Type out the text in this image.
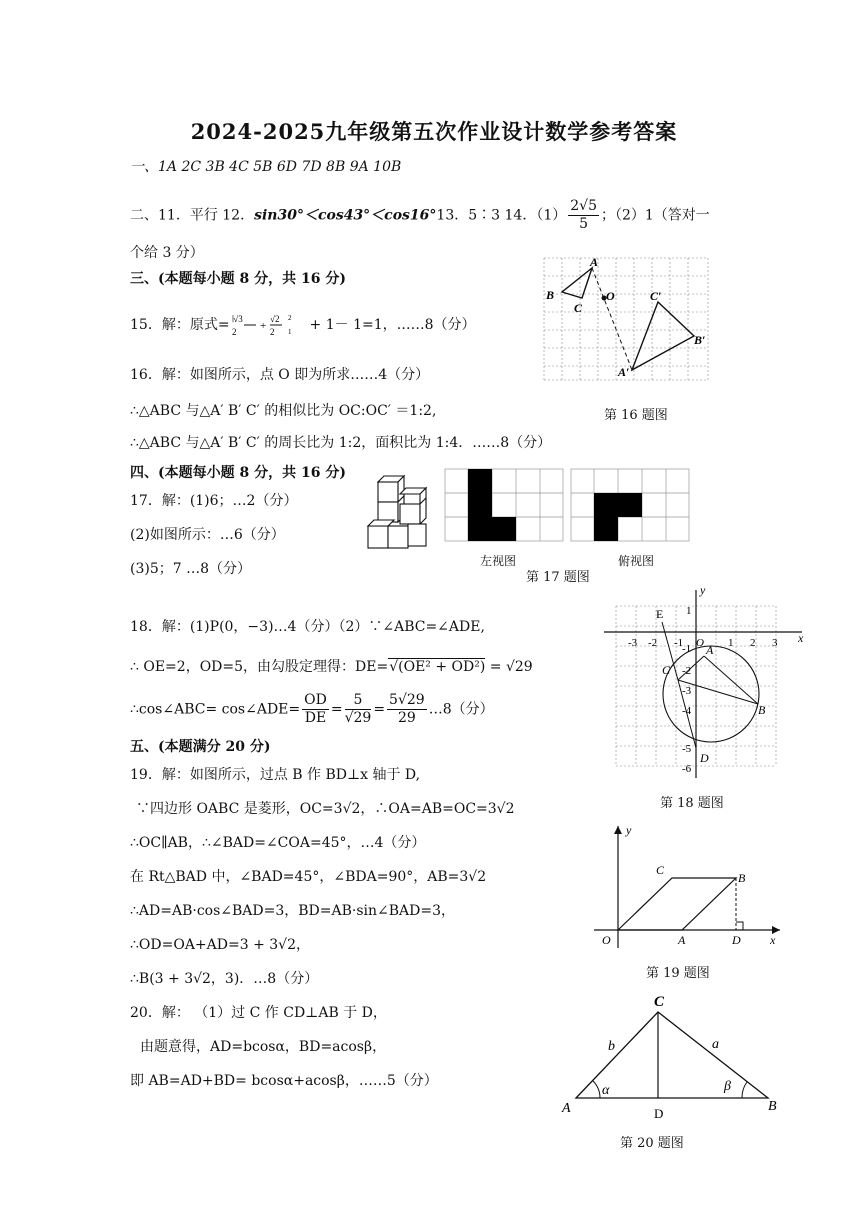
2024-2025九年级第五次作业设计数学参考答案
一、1A 2C 3B 4C 5B 6D 7D 8B 9A 10B
二、11．平行 12．sin30°＜cos43°＜cos16°13．5∶3 14．$(1) \frac{2√5}{5}$ ；（2）1（答对一
个给 3 分）
三、(本题每小题 8 分，共 16 分)
15．解：原式= 𝄁√3
2 +
√2
2
2
1 + 1－ 1=1，……8（分）
16．解：如图所示，点 O 即为所求……4（分）
∴△ABC 与△A′ B′ C′ 的相似比为 OC:OC′ ＝1:2,
∴△ABC 与△A′ B′ C′ 的周长比为 1:2，面积比为 1:4．……8（分）
A
B
C
O	C′
B′
A′
第 16 题图
四、(本题每小题 8 分，共 16 分)
17．解：(1)6；…2（分）
(2)如图所示：…6（分）
(3)5；7 …8（分）	左视图	俯视图
第 17 题图
18．解：(1)P(0，−3)…4（分）（2）∵∠ABC=∠ADE,
∴ OE=2，OD=5，由勾股定理得：DE=√(OE² + OD²) = √29
∴cos∠ABC= cos∠ADE= $\frac{OD}{DE} = \frac{5}{√29} = \frac{5√29}{29}$ …8（分）
y
x
E
C
A
B
D
-3 -2 -1 O 1 2 3
1
-1
-2
-3
-4
-5
-6
第 18 题图
五、(本题满分 20 分)
19．解：如图所示，过点 B 作 BD⊥x 轴于 D,
∵四边形 OABC 是菱形，OC=3√2，∴OA=AB=OC=3√2
∴OC∥AB，∴∠BAD=∠COA=45°，…4（分）
在 Rt△BAD 中，∠BAD=45°，∠BDA=90°，AB=3√2
∴AD=AB·cos∠BAD=3，BD=AB·sin∠BAD=3，
∴OD=OA+AD=3 + 3√2，
∴B(3 + 3√2，3)．…8（分）
y
C
B
O	A	D x
第 19 题图
20．解： （1）过 C 作 CD⊥AB 于 D，
由题意得，AD=bcosα，BD=acosβ，
即 AB=AD+BD= bcosα+acosβ，……5（分）
C
b	a
α	β
A	D	B
第 20 题图
